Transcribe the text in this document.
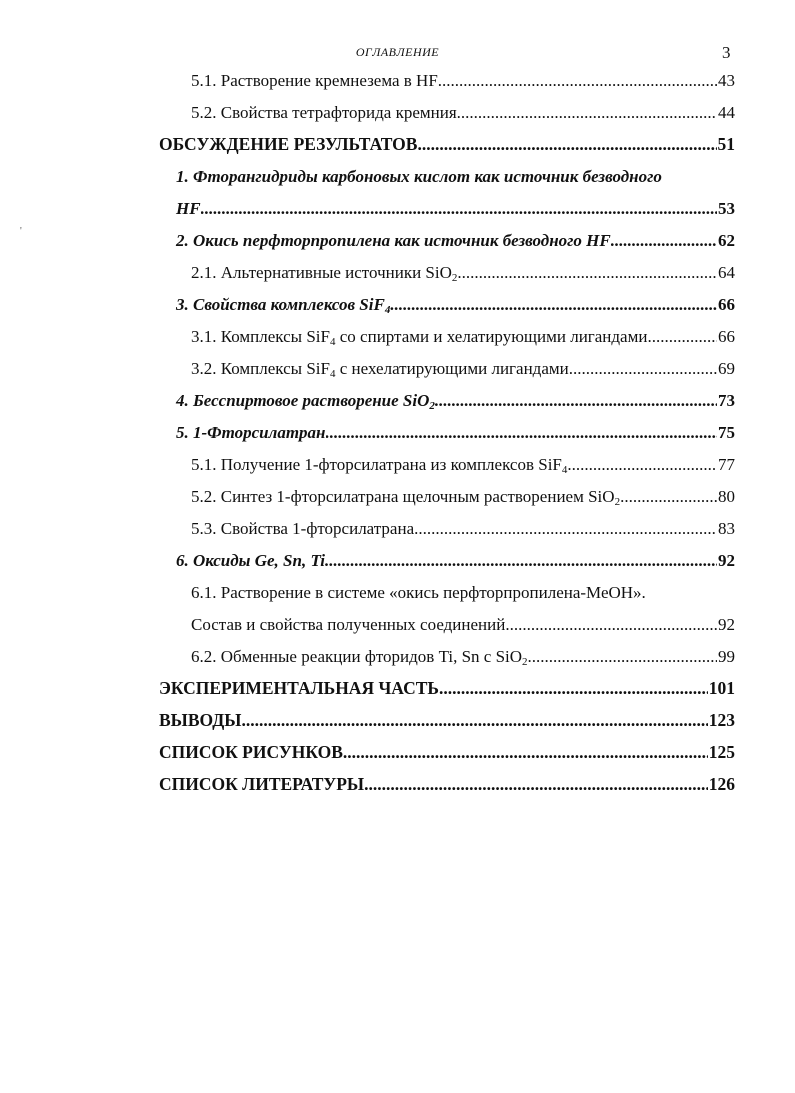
ОГЛАВЛЕНИЕ	3
'
5.1. Растворение кремнезема в HF .....	43
5.2. Свойства тетрафторида кремния .....	44
ОБСУЖДЕНИЕ РЕЗУЛЬТАТОВ .....	51
1. Фторангидриды карбоновых кислот как источник безводного
HF .....	53
2. Окись перфторпропилена как источник безводного HF .....	62
2.1. Альтернативные источники SiO$_2$ .....	64
3. Свойства комплексов SiF$_4$ .....	66
3.1. Комплексы SiF$_4$ со спиртами и хелатирующими лигандами .....	66
3.2. Комплексы SiF$_4$ с нехелатирующими лигандами .....	69
4. Бесспиртовое растворение SiO$_2$ .....	73
5. 1-Фторсилатран .....	75
5.1. Получение 1-фторсилатрана из комплексов SiF$_4$ .....	77
5.2. Синтез 1-фторсилатрана щелочным растворением SiO$_2$ .....	80
5.3. Свойства 1-фторсилатрана .....	83
6. Оксиды Ge, Sn, Ti .....	92
6.1. Растворение в системе «окись перфторпропилена-МеОН».
Состав и свойства полученных соединений .....	92
6.2. Обменные реакции фторидов Ti, Sn с SiO$_2$ .....	99
ЭКСПЕРИМЕНТАЛЬНАЯ ЧАСТЬ .....	101
ВЫВОДЫ .....	123
СПИСОК РИСУНКОВ .....	125
СПИСОК ЛИТЕРАТУРЫ .....	126
